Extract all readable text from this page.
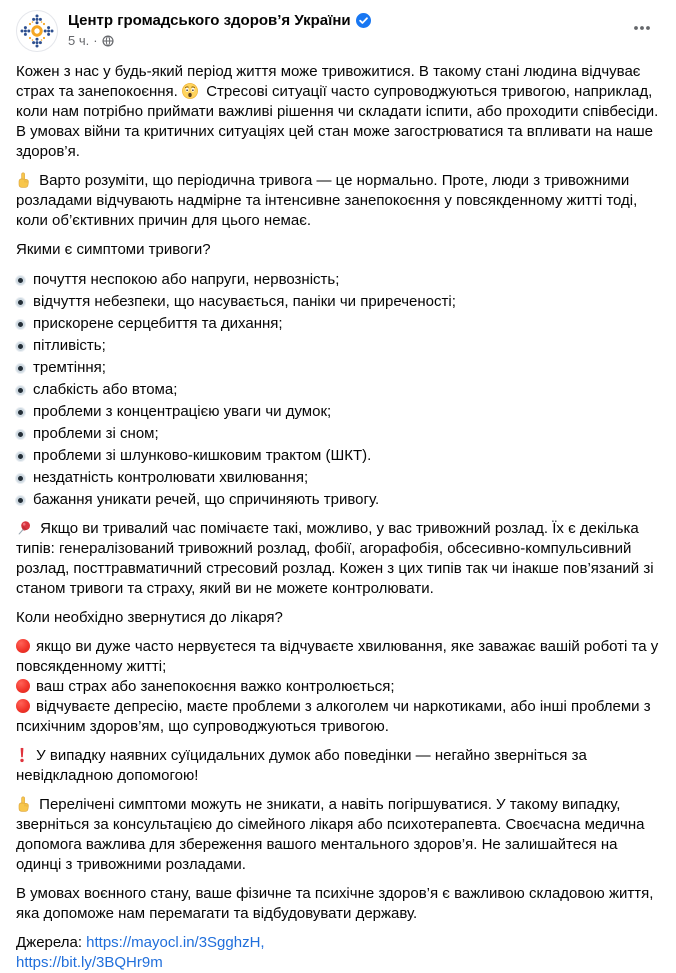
Центр громадського здоров’я України
5 ч. ·
Кожен з нас у будь-який період життя може тривожитися. В такому стані людина відчуває страх та занепокоєння. Стресові ситуації часто супроводжуються тривогою, наприклад, коли нам потрібно приймати важливі рішення чи складати іспити, або проходити співбесіди. В умовах війни та критичних ситуаціях цей стан може загострюватися та впливати на наше здоров’я.
Варто розуміти, що періодична тривога — це нормально. Проте, люди з тривожними розладами відчувають надмірне та інтенсивне занепокоєння у повсякденному житті тоді, коли об’єктивних причин для цього немає.
Якими є симптоми тривоги?
почуття неспокою або напруги, нервозність;
відчуття небезпеки, що насувається, паніки чи приреченості;
прискорене серцебиття та дихання;
пітливість;
тремтіння;
слабкість або втома;
проблеми з концентрацією уваги чи думок;
проблеми зі сном;
проблеми зі шлунково-кишковим трактом (ШКТ).
нездатність контролювати хвилювання;
бажання уникати речей, що спричиняють тривогу.
Якщо ви тривалий час помічаєте такі, можливо, у вас тривожний розлад. Їх є декілька типів: генералізований тривожний розлад, фобії, агорафобія, обсесивно-компульсивний розлад, посттравматичний стресовий розлад. Кожен з цих типів так чи інакше пов’язаний зі станом тривоги та страху, який ви не можете контролювати.
Коли необхідно звернутися до лікаря?
якщо ви дуже часто нервуєтеся та відчуваєте хвилювання, яке заважає вашій роботі та у повсякденному житті;
ваш страх або занепокоєння важко контролюється;
відчуваєте депресію, маєте проблеми з алкоголем чи наркотиками, або інші проблеми з психічним здоров’ям, що супроводжуються тривогою.
У випадку наявних суїцидальних думок або поведінки — негайно зверніться за невідкладною допомогою!
Перелічені симптоми можуть не зникати, а навіть погіршуватися. У такому випадку, зверніться за консультацією до сімейного лікаря або психотерапевта. Своєчасна медична допомога важлива для збереження вашого ментального здоров’я. Не залишайтеся на одинці з тривожними розладами.
В умовах воєнного стану, ваше фізичне та психічне здоров’я є важливою складовою життя, яка допоможе нам перемагати та відбудовувати державу.
Джерела: https://mayocl.in/3SgghzH,
https://bit.ly/3BQHr9m
